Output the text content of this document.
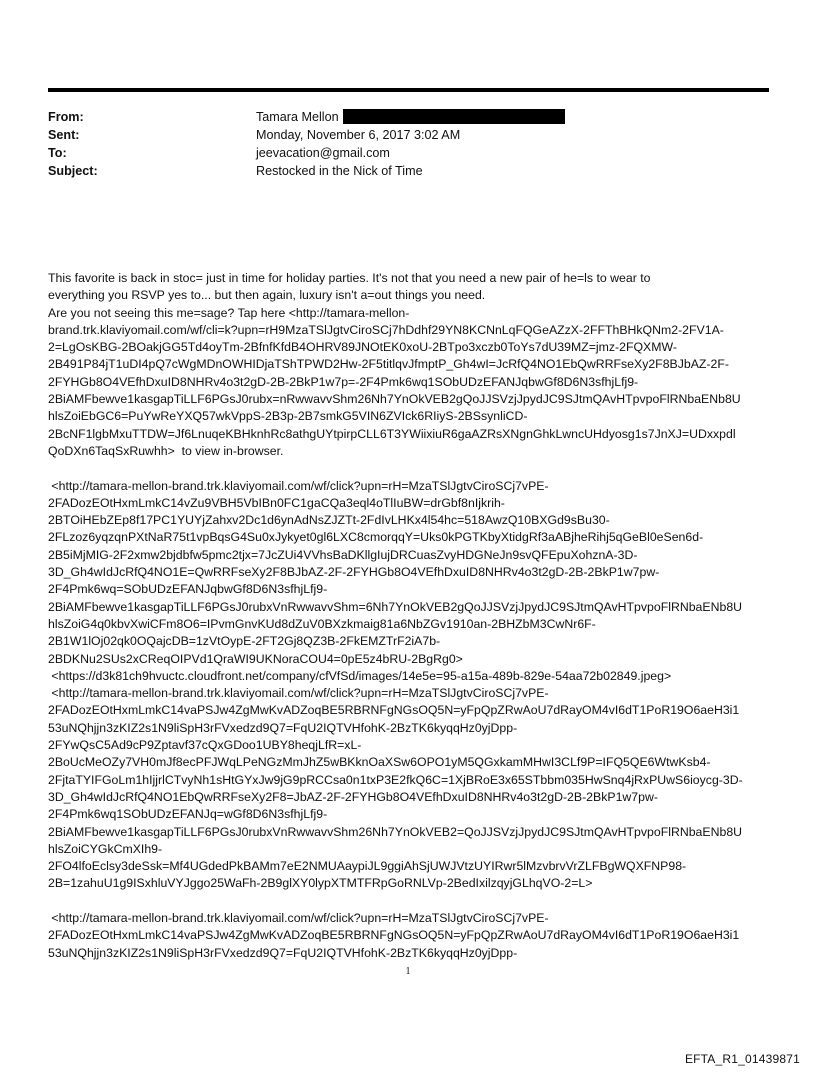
From:	Tamara Mellon
Sent:	Monday, November 6, 2017 3:02 AM
To:	jeevacation@gmail.com
Subject:	Restocked in the Nick of Time

This favorite is back in stoc= just in time for holiday parties. It's not that you need a new pair of he=ls to wear to
everything you RSVP yes to... but then again, luxury isn't a=out things you need.
Are you not seeing this me=sage? Tap here <http://tamara-mellon-
brand.trk.klaviyomail.com/wf/cli=k?upn=rH9MzaTSlJgtvCiroSCj7hDdhf29YN8KCNnLqFQGeAZzX-2FFThBHkQNm2-2FV1A-
2=LgOsKBG-2BOakjGG5Td4oyTm-2BfnfKfdB4OHRV89JNOtEK0xoU-2BTpo3xczb0ToYs7dU39MZ=jmz-2FQXMW-
2B491P84jT1uDI4pQ7cWgMDnOWHIDjaTShTPWD2Hw-2F5titlqvJfmptP_Gh4wI=JcRfQ4NO1EbQwRRFseXy2F8BJbAZ-2F-
2FYHGb8O4VEfhDxuID8NHRv4o3t2gD-2B-2BkP1w7p=-2F4Pmk6wq1SObUDzEFANJqbwGf8D6N3sfhjLfj9-
2BiAMFbewve1kasgapTiLLF6PGsJ0rubx=nRwwavvShm26Nh7YnOkVEB2gQoJJSVzjJpydJC9SJtmQAvHTpvpoFlRNbaENb8U
hlsZoiEbGC6=PuYwReYXQ57wkVppS-2B3p-2B7smkG5VIN6ZVIck6RIiyS-2BSsynliCD-
2BcNF1lgbMxuTTDW=Jf6LnuqeKBHknhRc8athgUYtpirpCLL6T3YWiixiuR6gaAZRsXNgnGhkLwncUHdyosg1s7JnXJ=UDxxpdl
QoDXn6TaqSxRuwhh>  to view in-browser.

<http://tamara-mellon-brand.trk.klaviyomail.com/wf/click?upn=rH=MzaTSlJgtvCiroSCj7vPE-
2FADozEOtHxmLmkC14vZu9VBH5VbIBn0FC1gaCQa3eql4oTlIuBW=drGbf8nIjkrih-
2BTOiHEbZEp8f17PC1YUYjZahxv2Dc1d6ynAdNsZJZTt-2FdIvLHKx4l54hc=518AwzQ10BXGd9sBu30-
2FLzoz6yqzqnPXtNaR75t1vpBqsG4Su0xJykyet0gl6LXC8cmorqqY=Uks0kPGTKbyXtidgRf3aABjheRihj5qGeBl0eSen6d-
2B5iMjMIG-2F2xmw2bjdbfw5pmc2tjx=7JcZUi4VVhsBaDKllgIujDRCuasZvyHDGNeJn9svQFEpuXohznA-3D-
3D_Gh4wIdJcRfQ4NO1E=QwRRFseXy2F8BJbAZ-2F-2FYHGb8O4VEfhDxuID8NHRv4o3t2gD-2B-2BkP1w7pw-
2F4Pmk6wq=SObUDzEFANJqbwGf8D6N3sfhjLfj9-
2BiAMFbewve1kasgapTiLLF6PGsJ0rubxVnRwwavvShm=6Nh7YnOkVEB2gQoJJSVzjJpydJC9SJtmQAvHTpvpoFlRNbaENb8U
hlsZoiG4q0kbvXwiCFm8O6=IPvmGnvKUd8dZuV0BXzkmaig81a6NbZGv1910an-2BHZbM3CwNr6F-
2B1W1lOj02qk0OQajcDB=1zVtOypE-2FT2Gj8QZ3B-2FkEMZTrF2iA7b-
2BDKNu2SUs2xCReqOIPVd1QraWI9UKNoraCOU4=0pE5z4bRU-2BgRg0>
<https://d3k81ch9hvuctc.cloudfront.net/company/cfVfSd/images/14e5e=95-a15a-489b-829e-54aa72b02849.jpeg>
<http://tamara-mellon-brand.trk.klaviyomail.com/wf/click?upn=rH=MzaTSlJgtvCiroSCj7vPE-
2FADozEOtHxmLmkC14vaPSJw4ZgMwKvADZoqBE5RBRNFgNGsOQ5N=yFpQpZRwAoU7dRayOM4vI6dT1PoR19O6aeH3i1
53uNQhjjn3zKIZ2s1N9liSpH3rFVxedzd9Q7=FqU2IQTVHfohK-2BzTK6kyqqHz0yjDpp-
2FYwQsC5Ad9cP9Zptavf37cQxGDoo1UBY8heqjLfR=xL-
2BoUcMeOZy7VH0mJf8ecPFJWqLPeNGzMmJhZ5wBKknOaXSw6OPO1yM5QGxkamMHwI3CLf9P=IFQ5QE6WtwKsb4-
2FjtaTYIFGoLm1hIjjrlCTvyNh1sHtGYxJw9jG9pRCCsa0n1txP3E2fkQ6C=1XjBRoE3x65STbbm035HwSnq4jRxPUwS6ioycg-3D-
3D_Gh4wIdJcRfQ4NO1EbQwRRFseXy2F8=JbAZ-2F-2FYHGb8O4VEfhDxuID8NHRv4o3t2gD-2B-2BkP1w7pw-
2F4Pmk6wq1SObUDzEFANJq=wGf8D6N3sfhjLfj9-
2BiAMFbewve1kasgapTiLLF6PGsJ0rubxVnRwwavvShm26Nh7YnOkVEB2=QoJJSVzjJpydJC9SJtmQAvHTpvpoFlRNbaENb8U
hlsZoiCYGkCmXIh9-
2FO4lfoEclsy3deSsk=Mf4UGdedPkBAMm7eE2NMUAaypiJL9ggiAhSjUWJVtzUYIRwr5lMzvbrvVrZLFBgWQXFNP98-
2B=1zahuU1g9ISxhluVYJggo25WaFh-2B9glXY0lypXTMTFRpGoRNLVp-2BedIxilzqyjGLhqVO-2=L>

<http://tamara-mellon-brand.trk.klaviyomail.com/wf/click?upn=rH=MzaTSlJgtvCiroSCj7vPE-
2FADozEOtHxmLmkC14vaPSJw4ZgMwKvADZoqBE5RBRNFgNGsOQ5N=yFpQpZRwAoU7dRayOM4vI6dT1PoR19O6aeH3i1
53uNQhjjn3zKIZ2s1N9liSpH3rFVxedzd9Q7=FqU2IQTVHfohK-2BzTK6kyqqHz0yjDpp-

1
EFTA_R1_01439871
